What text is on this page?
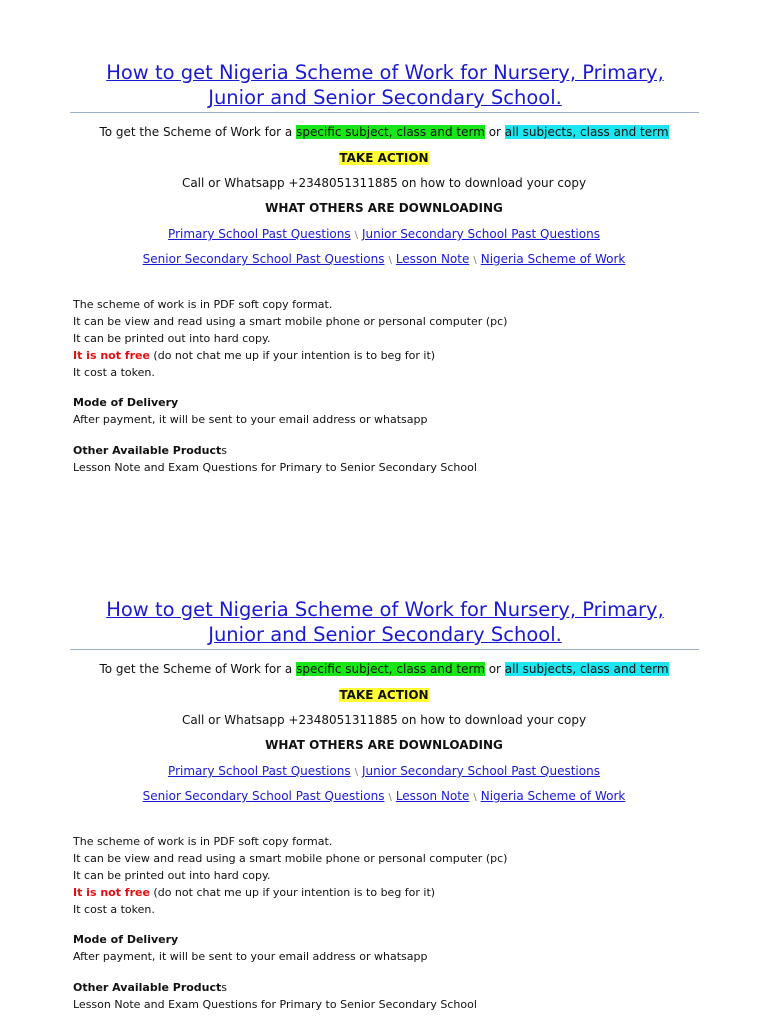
How to get Nigeria Scheme of Work for Nursery, Primary,
Junior and Senior Secondary School.
To get the Scheme of Work for a specific subject, class and term or all subjects, class and term
TAKE ACTION
Call or Whatsapp +2348051311885 on how to download your copy
WHAT OTHERS ARE DOWNLOADING
Primary School Past Questions \ Junior Secondary School Past Questions
Senior Secondary School Past Questions \ Lesson Note \ Nigeria Scheme of Work
The scheme of work is in PDF soft copy format.
It can be view and read using a smart mobile phone or personal computer (pc)
It can be printed out into hard copy.
It is not free (do not chat me up if your intention is to beg for it)
It cost a token.
Mode of Delivery
After payment, it will be sent to your email address or whatsapp
Other Available Products
Lesson Note and Exam Questions for Primary to Senior Secondary School
How to get Nigeria Scheme of Work for Nursery, Primary,
Junior and Senior Secondary School.
To get the Scheme of Work for a specific subject, class and term or all subjects, class and term
TAKE ACTION
Call or Whatsapp +2348051311885 on how to download your copy
WHAT OTHERS ARE DOWNLOADING
Primary School Past Questions \ Junior Secondary School Past Questions
Senior Secondary School Past Questions \ Lesson Note \ Nigeria Scheme of Work
The scheme of work is in PDF soft copy format.
It can be view and read using a smart mobile phone or personal computer (pc)
It can be printed out into hard copy.
It is not free (do not chat me up if your intention is to beg for it)
It cost a token.
Mode of Delivery
After payment, it will be sent to your email address or whatsapp
Other Available Products
Lesson Note and Exam Questions for Primary to Senior Secondary School
